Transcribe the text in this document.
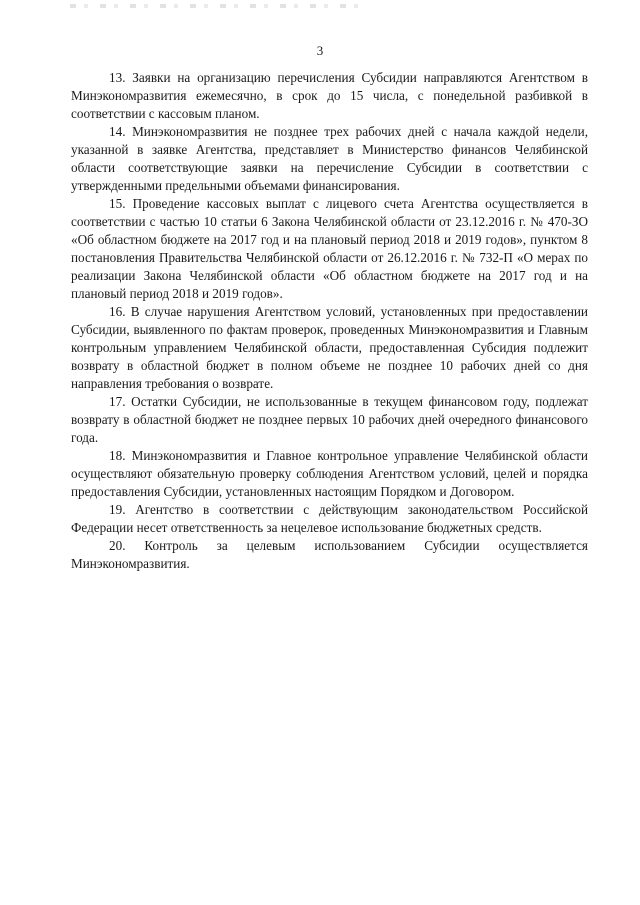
3

13. Заявки на организацию перечисления Субсидии направляются Агентством в Минэкономразвития ежемесячно, в срок до 15 числа, с понедельной разбивкой в соответствии с кассовым планом.

14. Минэкономразвития не позднее трех рабочих дней с начала каждой недели, указанной в заявке Агентства, представляет в Министерство финансов Челябинской области соответствующие заявки на перечисление Субсидии в соответствии с утвержденными предельными объемами финансирования.

15. Проведение кассовых выплат с лицевого счета Агентства осуществляется в соответствии с частью 10 статьи 6 Закона Челябинской области от 23.12.2016 г. № 470-ЗО «Об областном бюджете на 2017 год и на плановый период 2018 и 2019 годов», пунктом 8 постановления Правительства Челябинской области от 26.12.2016 г. № 732-П «О мерах по реализации Закона Челябинской области «Об областном бюджете на 2017 год и на плановый период 2018 и 2019 годов».

16. В случае нарушения Агентством условий, установленных при предоставлении Субсидии, выявленного по фактам проверок, проведенных Минэкономразвития и Главным контрольным управлением Челябинской области, предоставленная Субсидия подлежит возврату в областной бюджет в полном объеме не позднее 10 рабочих дней со дня направления требования о возврате.

17. Остатки Субсидии, не использованные в текущем финансовом году, подлежат возврату в областной бюджет не позднее первых 10 рабочих дней очередного финансового года.

18. Минэкономразвития и Главное контрольное управление Челябинской области осуществляют обязательную проверку соблюдения Агентством условий, целей и порядка предоставления Субсидии, установленных настоящим Порядком и Договором.

19. Агентство в соответствии с действующим законодательством Российской Федерации несет ответственность за нецелевое использование бюджетных средств.

20. Контроль за целевым использованием Субсидии осуществляется Минэкономразвития.
